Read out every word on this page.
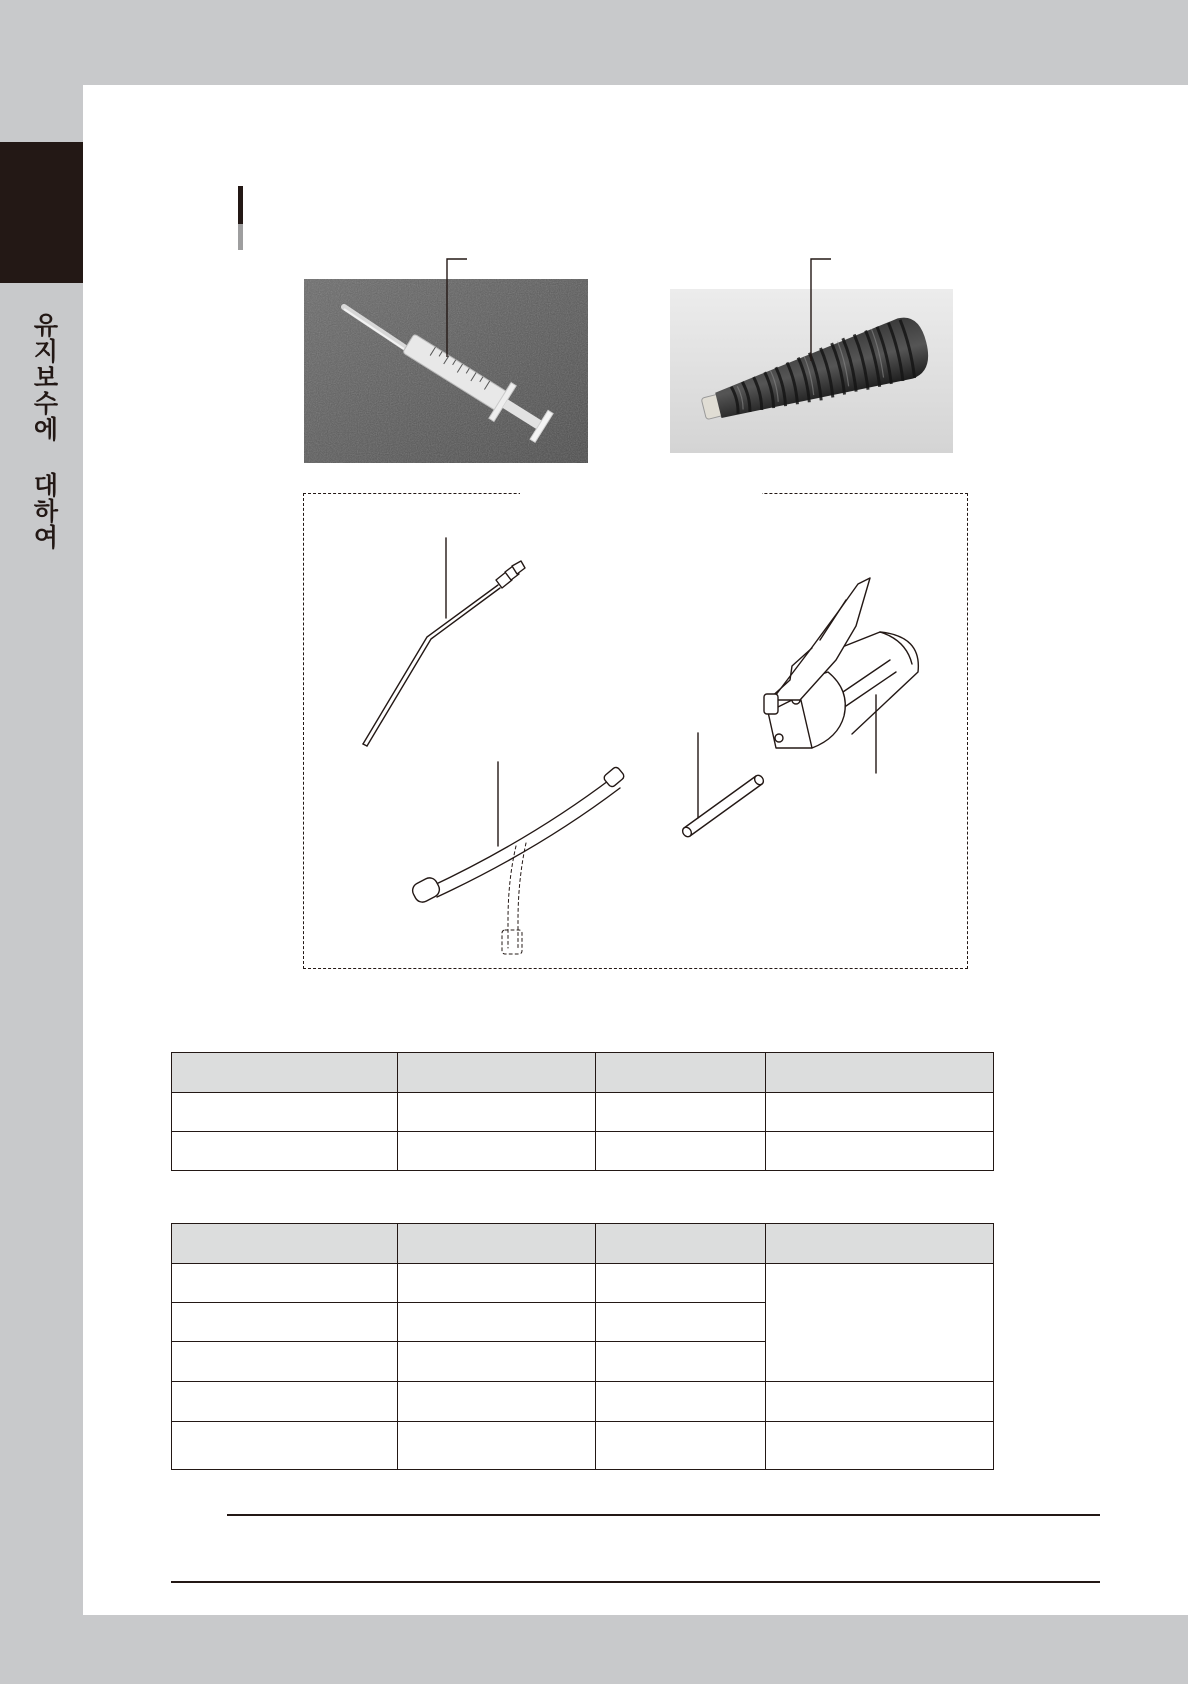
유지보수에 대하여
